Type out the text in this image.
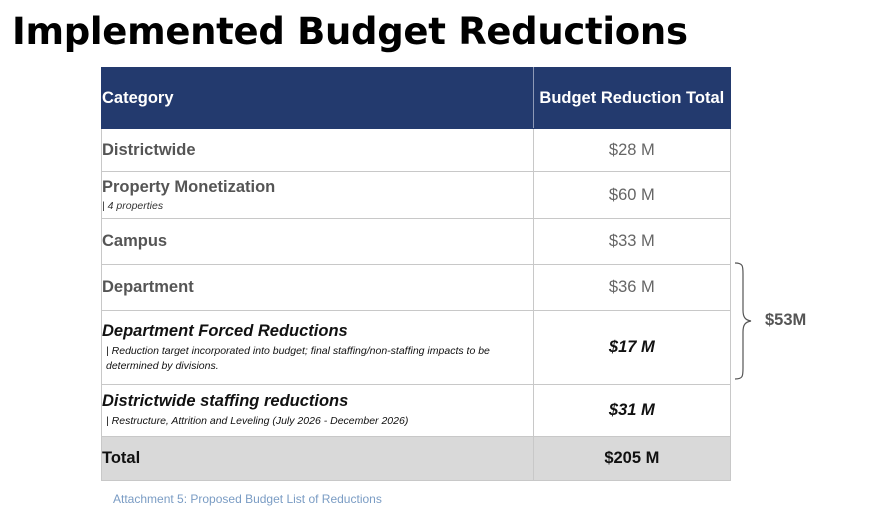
Implemented Budget Reductions
Category	Budget Reduction Total
Districtwide	$28 M
Property Monetization
| 4 properties	$60 M
Campus	$33 M
Department	$36 M
Department Forced Reductions
| Reduction target incorporated into budget; final staffing/non-staffing impacts to be determined by divisions.	$17 M
Districtwide staffing reductions
| Restructure, Attrition and Leveling (July 2026 - December 2026)	$31 M
Total	$205 M
$53M
Attachment 5: Proposed Budget List of Reductions
